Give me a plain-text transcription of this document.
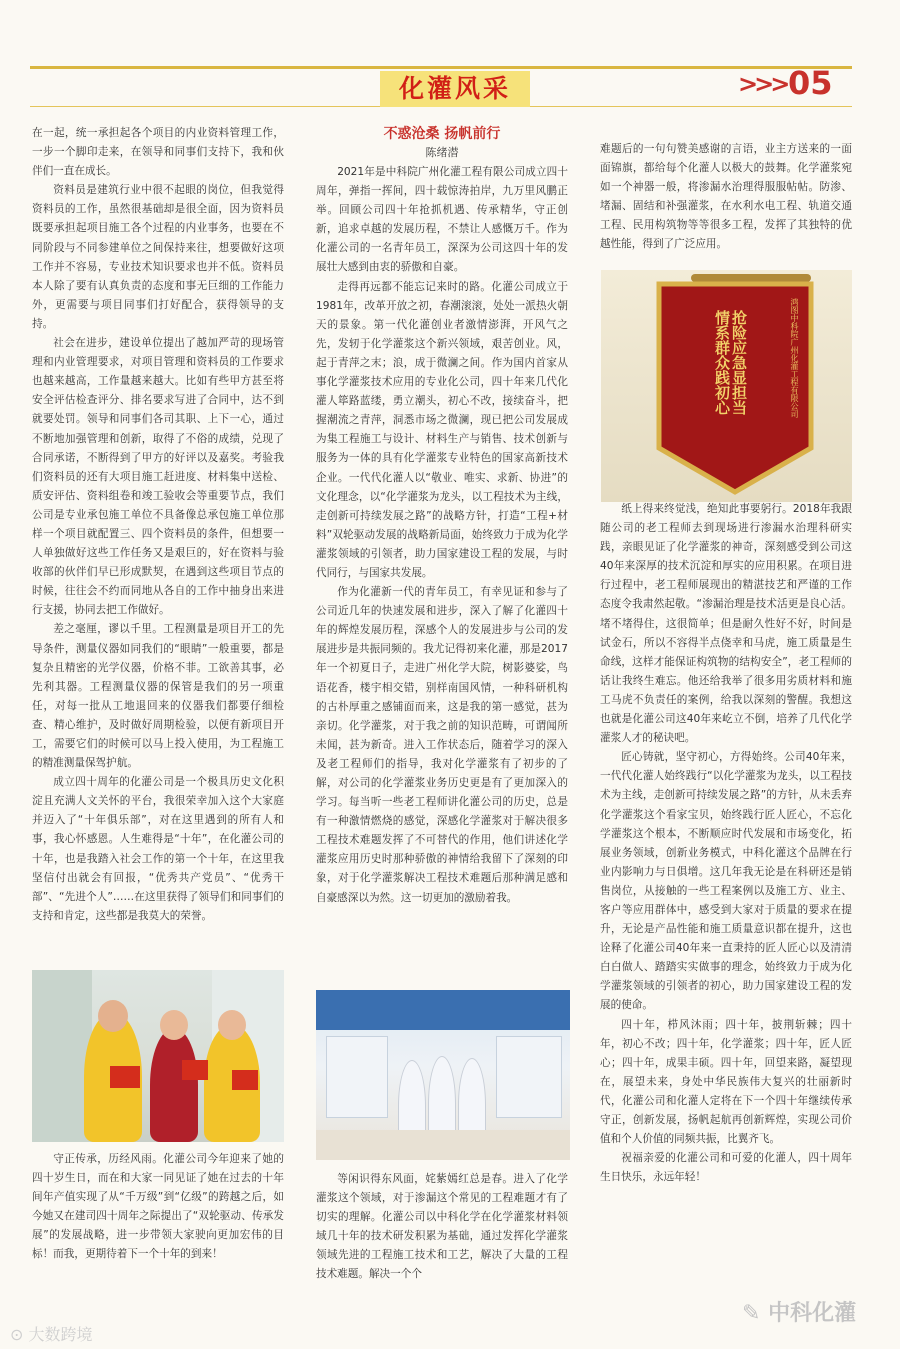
化灌风采	>>> 05

在一起，统一承担起各个项目的内业资料管理工作，一步一个脚印走来，在领导和同事们支持下，我和伙伴们一直在成长。

资料员是建筑行业中很不起眼的岗位，但我觉得资料员的工作，虽然很基础却是很全面，因为资料员既要承担起项目施工各个过程的内业事务，也要在不同阶段与不同参建单位之间保持来往，想要做好这项工作并不容易，专业技术知识要求也并不低。资料员本人除了要有认真负责的态度和事无巨细的工作能力外，更需要与项目同事们打好配合，获得领导的支持。

社会在进步，建设单位提出了越加严苛的现场管理和内业管理要求，对项目管理和资料员的工作要求也越来越高，工作量越来越大。比如有些甲方甚至将安全评估检查评分、排名要求写进了合同中，达不到就要处罚。领导和同事们各司其职、上下一心，通过不断地加强管理和创新，取得了不俗的成绩，兑现了合同承诺，不断得到了甲方的好评以及嘉奖。考验我们资料员的还有大项目施工赶进度、材料集中送检、质安评估、资料组卷和竣工验收会等重要节点，我们公司是专业承包施工单位不具备像总承包施工单位那样一个项目就配置三、四个资料员的条件，但想要一人单独做好这些工作任务又是艰巨的，好在资料与验收部的伙伴们早已形成默契，在遇到这些项目节点的时候，往往会不约而同地从各自的工作中抽身出来进行支援，协同去把工作做好。

差之毫厘，谬以千里。工程测量是项目开工的先导条件，测量仪器如同我们的“眼睛”一般重要，都是复杂且精密的光学仪器，价格不菲。工欲善其事，必先利其器。工程测量仪器的保管是我们的另一项重任，对每一批从工地退回来的仪器我们都要仔细检查、精心维护，及时做好周期检验，以便有新项目开工，需要它们的时候可以马上投入使用，为工程施工的精准测量保驾护航。

成立四十周年的化灌公司是一个极具历史文化积淀且充满人文关怀的平台，我很荣幸加入这个大家庭并迈入了“十年俱乐部”，对在这里遇到的所有人和事，我心怀感恩。人生难得是“十年”，在化灌公司的十年，也是我踏入社会工作的第一个十年，在这里我坚信付出就会有回报，“优秀共产党员”、“优秀干部”、“先进个人”……在这里获得了领导们和同事们的支持和肯定，这些都是我莫大的荣誉。

守正传承，历经风雨。化灌公司今年迎来了她的四十岁生日，而在和大家一同见证了她在过去的十年间年产值实现了从“千万级”到“亿级”的跨越之后，如今她又在建司四十周年之际提出了“双轮驱动、传承发展”的发展战略，进一步带领大家驶向更加宏伟的目标！而我，更期待着下一个十年的到来！

不惑沧桑 扬帆前行
陈绪潜

2021年是中科院广州化灌工程有限公司成立四十周年，弹指一挥间，四十载惊涛拍岸，九万里风鹏正举。回顾公司四十年抢抓机遇、传承精华，守正创新，追求卓越的发展历程，不禁让人感慨万千。作为化灌公司的一名青年员工，深深为公司这四十年的发展壮大感到由衷的骄傲和自豪。

走得再远都不能忘记来时的路。化灌公司成立于1981年，改革开放之初，春潮滚滚，处处一派热火朝天的景象。第一代化灌创业者激情澎湃，开风气之先，发轫于化学灌浆这个新兴领域，艰苦创业。风，起于青萍之末；浪，成于微澜之间。作为国内首家从事化学灌浆技术应用的专业化公司，四十年来几代化灌人筚路蓝缕，勇立潮头，初心不改，接续奋斗，把握潮流之青萍，洞悉市场之微澜，现已把公司发展成为集工程施工与设计、材料生产与销售、技术创新与服务为一体的具有化学灌浆专业特色的国家高新技术企业。一代代化灌人以“敬业、唯实、求新、协进”的文化理念，以“化学灌浆为龙头，以工程技术为主线，走创新可持续发展之路”的战略方针，打造“工程+材料”双轮驱动发展的战略新局面，始终致力于成为化学灌浆领域的引领者，助力国家建设工程的发展，与时代同行，与国家共发展。

作为化灌新一代的青年员工，有幸见证和参与了公司近几年的快速发展和进步，深入了解了化灌四十年的辉煌发展历程，深感个人的发展进步与公司的发展进步是共振同频的。我尤记得初来化灌，那是2017年一个初夏日子，走进广州化学大院，树影婆娑，鸟语花香，楼宇相交错，别样南国风情，一种科研机构的古朴厚重之感铺面而来，这是我的第一感觉，甚为亲切。化学灌浆，对于我之前的知识范畴，可谓闻所未闻，甚为新奇。进入工作状态后，随着学习的深入及老工程师们的指导，我对化学灌浆有了初步的了解，对公司的化学灌浆业务历史更是有了更加深入的学习。每当听一些老工程师讲化灌公司的历史，总是有一种激情燃烧的感觉，深感化学灌浆对于解决很多工程技术难题发挥了不可替代的作用，他们讲述化学灌浆应用历史时那种骄傲的神情给我留下了深刻的印象，对于化学灌浆解决工程技术难题后那种满足感和自豪感深以为然。这一切更加的激励着我。

等闲识得东风面，姹紫嫣红总是春。进入了化学灌浆这个领域，对于渗漏这个常见的工程难题才有了切实的理解。化灌公司以中科化学在化学灌浆材料领域几十年的技术研发积累为基础，通过发挥化学灌浆领域先进的工程施工技术和工艺，解决了大量的工程技术难题。解决一个个

难题后的一句句赞美感谢的言语，业主方送来的一面面锦旗，都给每个化灌人以极大的鼓舞。化学灌浆宛如一个神器一般，将渗漏水治理得服服帖帖。防渗、堵漏、固结和补强灌浆，在水利水电工程、轨道交通工程、民用构筑物等等很多工程，发挥了其独特的优越性能，得到了广泛应用。

抢险应急显担当
情系群众践初心	鸿图中科院广州化灌工程有限公司

纸上得来终觉浅，绝知此事要躬行。2018年我跟随公司的老工程师去到现场进行渗漏水治理科研实践，亲眼见证了化学灌浆的神奇，深刻感受到公司这40年来深厚的技术沉淀和厚实的应用积累。在项目进行过程中，老工程师展现出的精湛技艺和严谨的工作态度令我肃然起敬。“渗漏治理是技术活更是良心活。堵不堵得住，这很简单；但是耐久性好不好，时间是试金石，所以不容得半点侥幸和马虎，施工质量是生命线，这样才能保证构筑物的结构安全”，老工程师的话让我终生难忘。他还给我举了很多用劣质材料和施工马虎不负责任的案例，给我以深刻的警醒。我想这也就是化灌公司这40年来屹立不倒，培养了几代化学灌浆人才的秘诀吧。

匠心铸就，坚守初心，方得始终。公司40年来，一代代化灌人始终践行“以化学灌浆为龙头，以工程技术为主线，走创新可持续发展之路”的方针，从未丢弃化学灌浆这个看家宝贝，始终践行匠人匠心，不忘化学灌浆这个根本，不断顺应时代发展和市场变化，拓展业务领域，创新业务模式，中科化灌这个品牌在行业内影响力与日俱增。这几年我无论是在科研还是销售岗位，从接触的一些工程案例以及施工方、业主、客户等应用群体中，感受到大家对于质量的要求在提升，无论是产品性能和施工质量意识都在提升，这也诠释了化灌公司40年来一直秉持的匠人匠心以及清清白白做人、踏踏实实做事的理念，始终致力于成为化学灌浆领域的引领者的初心，助力国家建设工程的发展的使命。

四十年，栉风沐雨；四十年，披荆斩棘；四十年，初心不改；四十年，化学灌浆；四十年，匠人匠心；四十年，成果丰硕。四十年，回望来路，凝望现在，展望未来，身处中华民族伟大复兴的壮丽新时代，化灌公司和化灌人定将在下一个四十年继续传承守正，创新发展，扬帆起航再创新辉煌，实现公司价值和个人价值的同频共振，比翼齐飞。

祝福亲爱的化灌公司和可爱的化灌人，四十周年生日快乐，永远年轻！

✎ 中科化灌
⊙ 大数跨境
